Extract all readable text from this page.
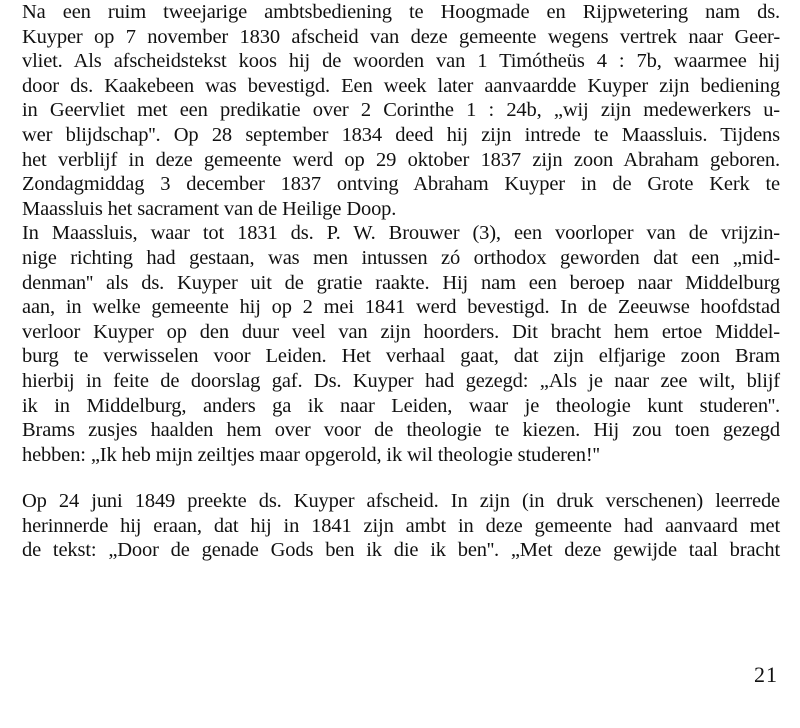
Na een ruim tweejarige ambtsbediening te Hoogmade en Rijpwetering nam ds.
Kuyper op 7 november 1830 afscheid van deze gemeente wegens vertrek naar Geer-
vliet. Als afscheidstekst koos hij de woorden van 1 Timótheüs 4 : 7b, waarmee hij
door ds. Kaakebeen was bevestigd. Een week later aanvaardde Kuyper zijn bediening
in Geervliet met een predikatie over 2 Corinthe 1 : 24b, „wij zijn medewerkers u-
wer blijdschap''. Op 28 september 1834 deed hij zijn intrede te Maassluis. Tijdens
het verblijf in deze gemeente werd op 29 oktober 1837 zijn zoon Abraham geboren.
Zondagmiddag 3 december 1837 ontving Abraham Kuyper in de Grote Kerk te
Maassluis het sacrament van de Heilige Doop.
In Maassluis, waar tot 1831 ds. P. W. Brouwer (3), een voorloper van de vrijzin-
nige richting had gestaan, was men intussen zó orthodox geworden dat een „mid-
denman'' als ds. Kuyper uit de gratie raakte. Hij nam een beroep naar Middelburg
aan, in welke gemeente hij op 2 mei 1841 werd bevestigd. In de Zeeuwse hoofdstad
verloor Kuyper op den duur veel van zijn hoorders. Dit bracht hem ertoe Middel-
burg te verwisselen voor Leiden. Het verhaal gaat, dat zijn elfjarige zoon Bram
hierbij in feite de doorslag gaf. Ds. Kuyper had gezegd: „Als je naar zee wilt, blijf
ik in Middelburg, anders ga ik naar Leiden, waar je theologie kunt studeren''.
Brams zusjes haalden hem over voor de theologie te kiezen. Hij zou toen gezegd
hebben: „Ik heb mijn zeiltjes maar opgerold, ik wil theologie studeren!''
Op 24 juni 1849 preekte ds. Kuyper afscheid. In zijn (in druk verschenen) leerrede
herinnerde hij eraan, dat hij in 1841 zijn ambt in deze gemeente had aanvaard met
de tekst: „Door de genade Gods ben ik die ik ben''. „Met deze gewijde taal bracht
21
